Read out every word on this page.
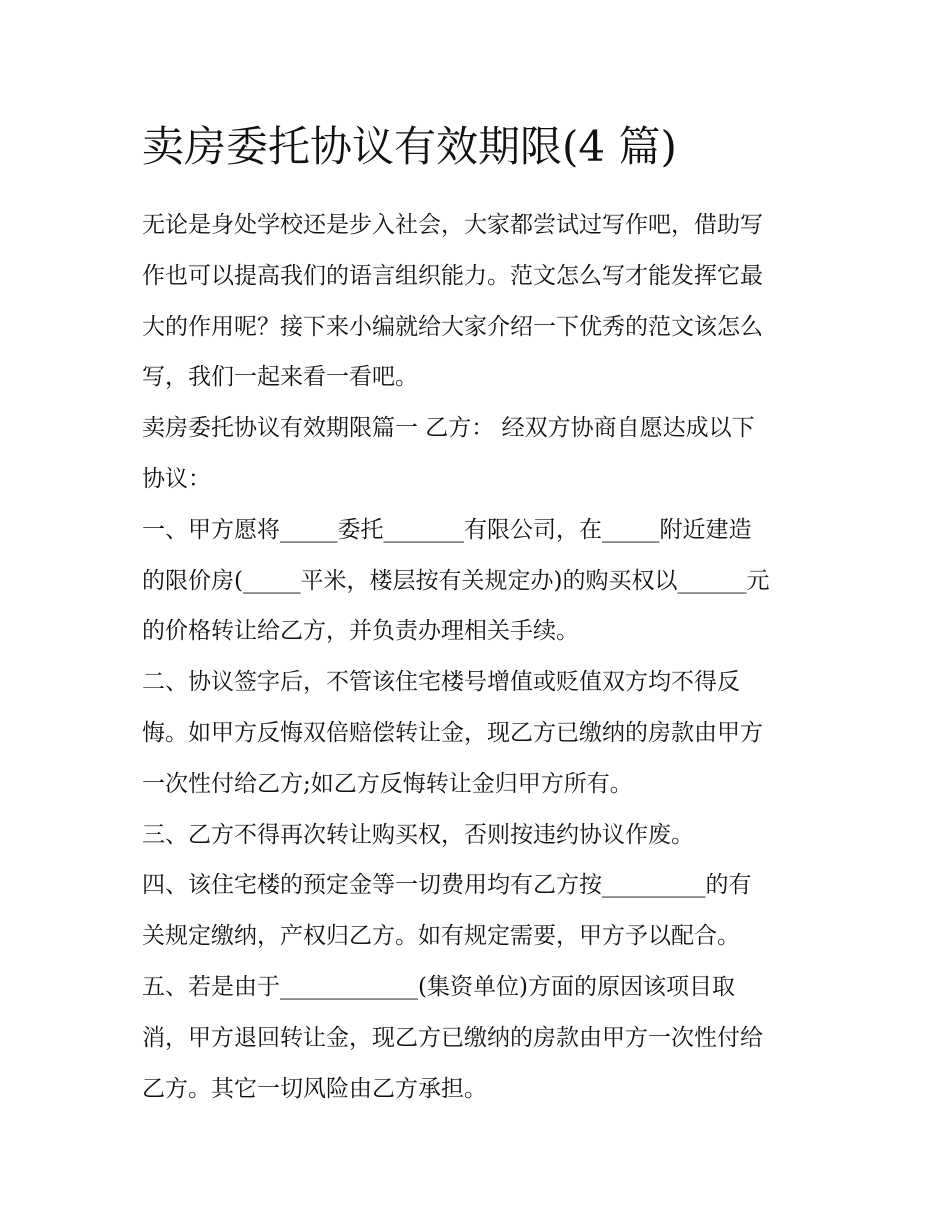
卖房委托协议有效期限(4 篇)

无论是身处学校还是步入社会，大家都尝试过写作吧，借助写
作也可以提高我们的语言组织能力。范文怎么写才能发挥它最
大的作用呢？接下来小编就给大家介绍一下优秀的范文该怎么
写，我们一起来看一看吧。

卖房委托协议有效期限篇一 乙方： 经双方协商自愿达成以下
协议：

一、甲方愿将_____委托_______有限公司，在_____附近建造
的限价房(_____平米，楼层按有关规定办)的购买权以______元
的价格转让给乙方，并负责办理相关手续。

二、协议签字后，不管该住宅楼号增值或贬值双方均不得反
悔。如甲方反悔双倍赔偿转让金，现乙方已缴纳的房款由甲方
一次性付给乙方;如乙方反悔转让金归甲方所有。

三、乙方不得再次转让购买权，否则按违约协议作废。

四、该住宅楼的预定金等一切费用均有乙方按_________的有
关规定缴纳，产权归乙方。如有规定需要，甲方予以配合。

五、若是由于____________(集资单位)方面的原因该项目取
消，甲方退回转让金，现乙方已缴纳的房款由甲方一次性付给
乙方。其它一切风险由乙方承担。
